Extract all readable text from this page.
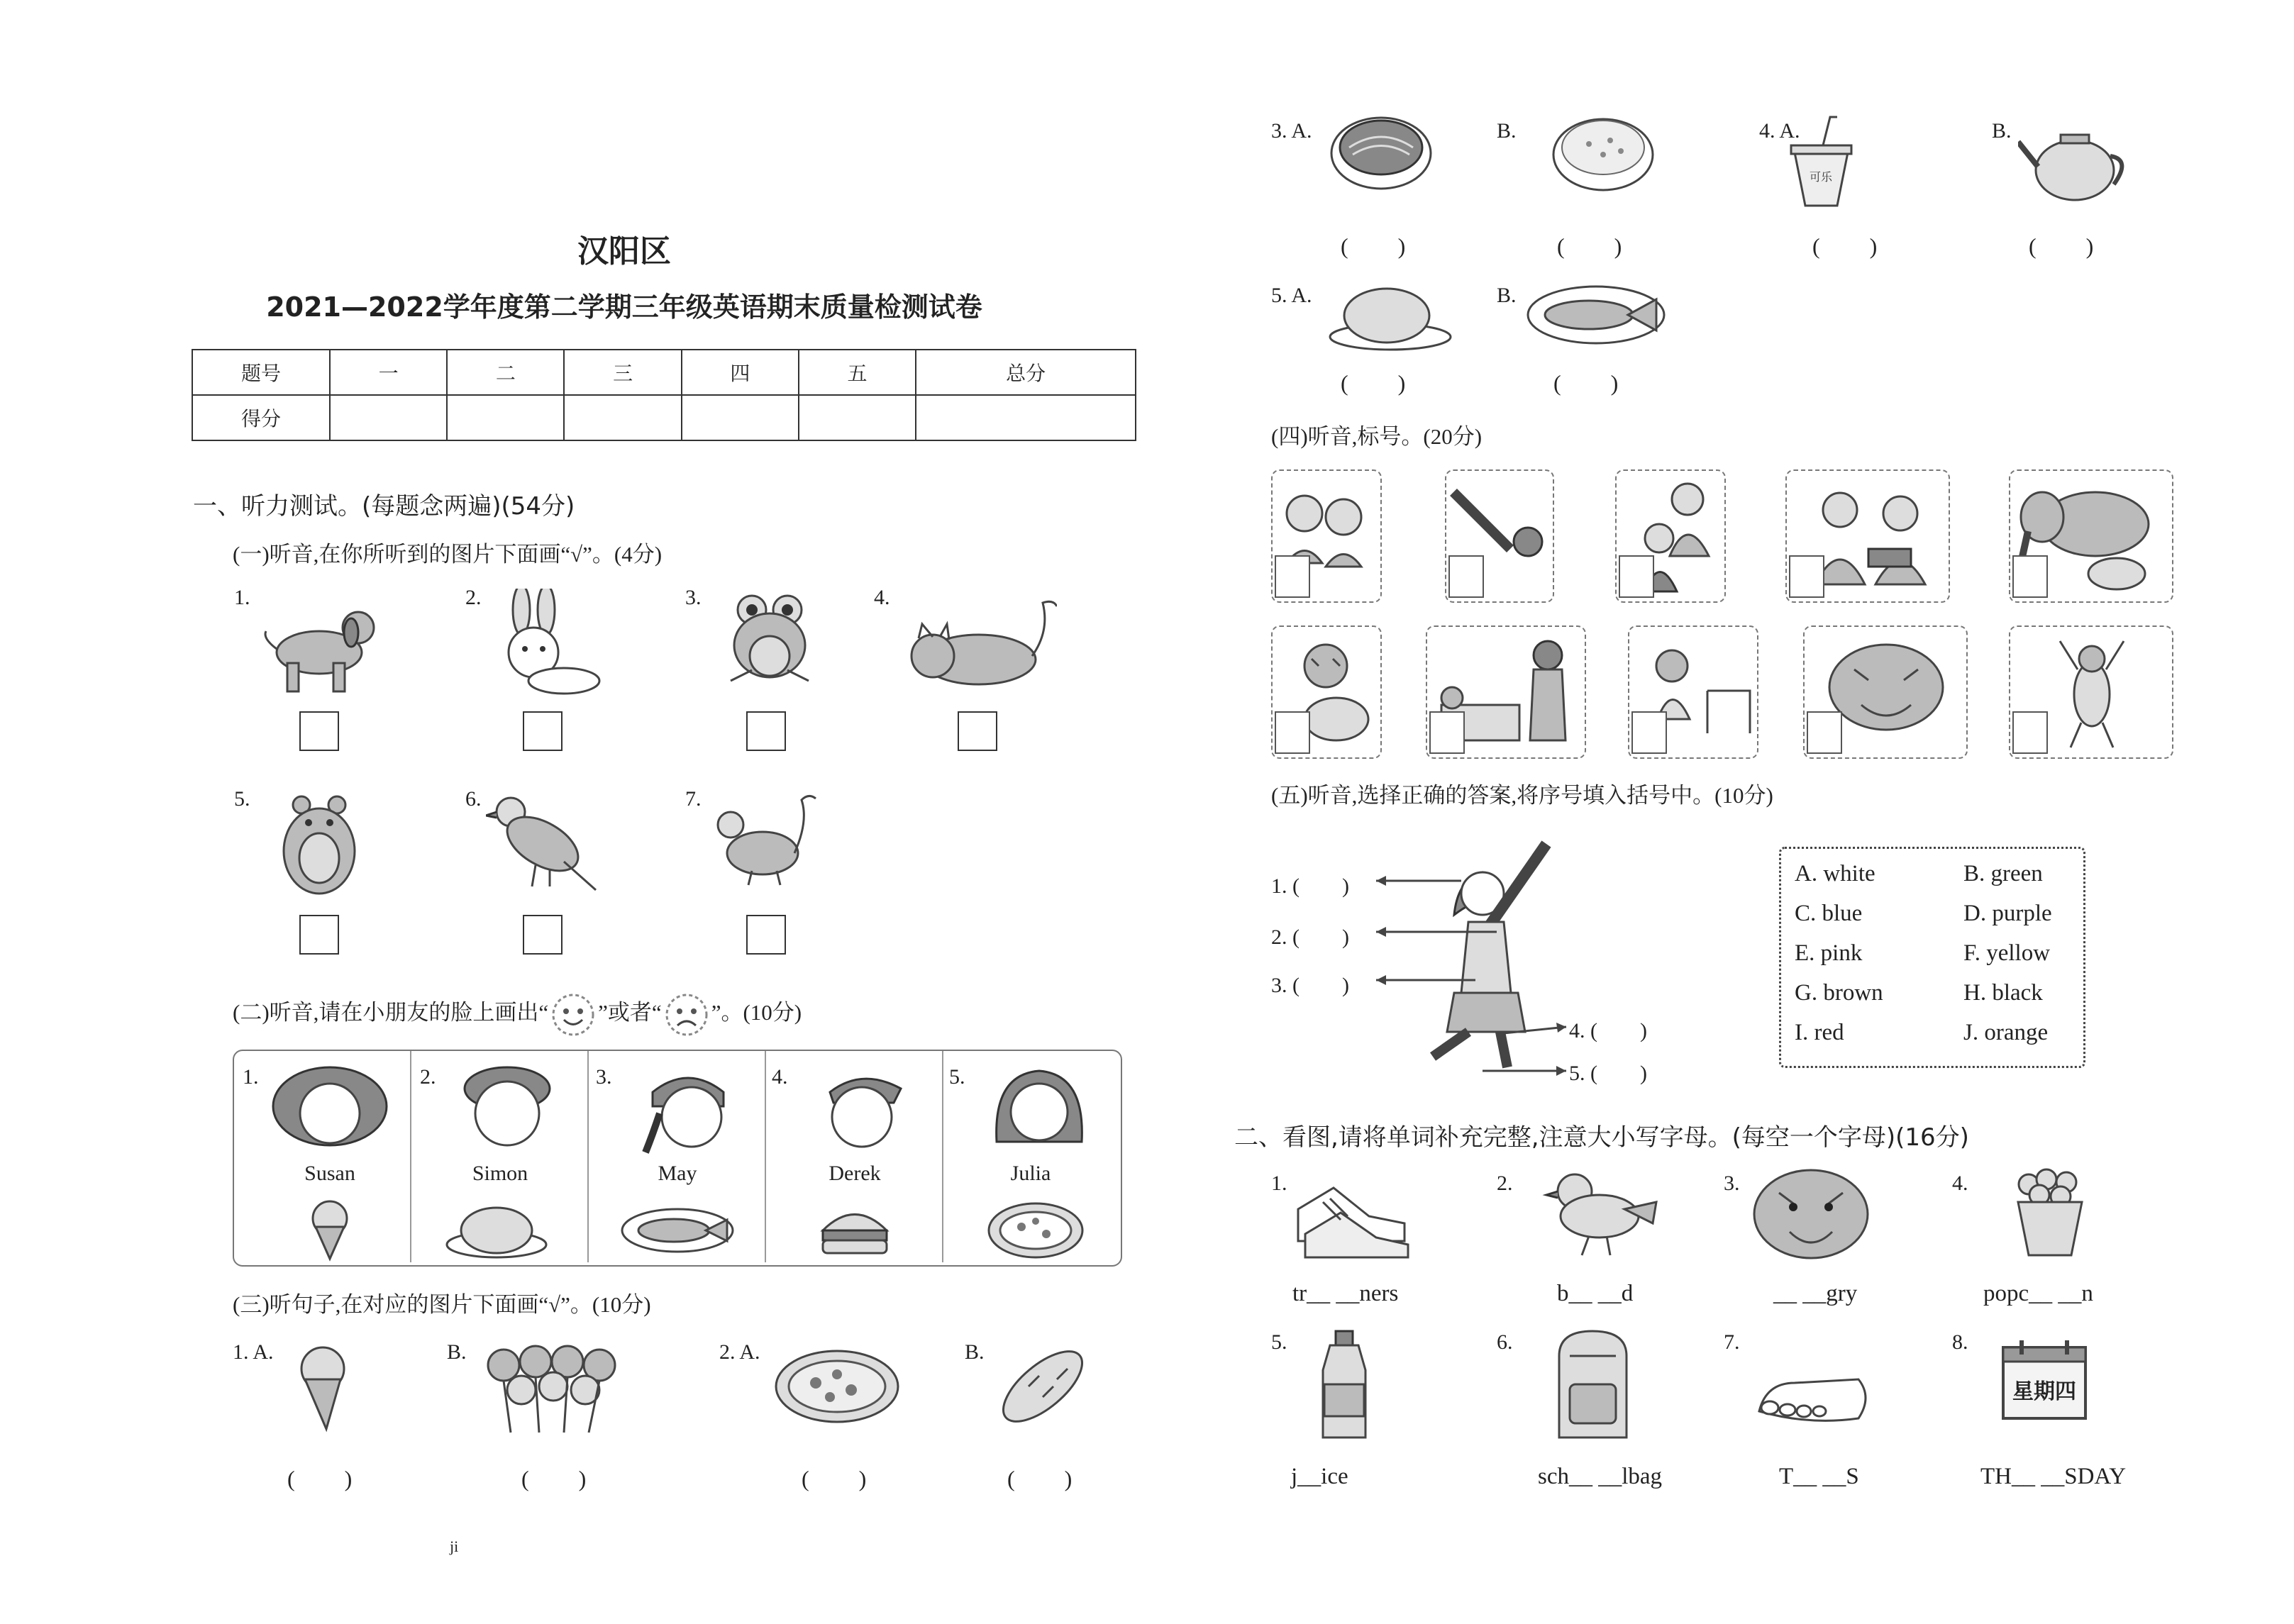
汉阳区
2021—2022学年度第二学期三年级英语期末质量检测试卷
题号	一	二	三	四	五	总分
得分						
一、听力测试。(每题念两遍)(54分)
(一)听音,在你所听到的图片下面画“√”。(4分)
1.	2.	3.	4.
5.	6.	7.
(二)听音,请在小朋友的脸上画出“ ”或者“ ”。(10分)
1.
Susan
2.
Simon
3.
May
4.
Derek
5.
Julia
(三)听句子,在对应的图片下面画“√”。(10分)
1. A.
(　　)
B.
(　　)
2. A.
(　　)
B.
(　　)
ji
3. A.
(　　)
B.
(　　)
4. A.
可乐
(　　)
B.
(　　)
5. A.
(　　)
B.
(　　)
(四)听音,标号。(20分)
(五)听音,选择正确的答案,将序号填入括号中。(10分)
1. (　　)
2. (　　)
3. (　　)
4. (　　)
5. (　　)
A. white	B. green
C. blue	D. purple
E. pink	F. yellow
G. brown	H. black
I. red	J. orange
二、看图,请将单词补充完整,注意大小写字母。(每空一个字母)(16分)
1.
tr__ __ners
2.
b__ __d
3.
__ __gry
4.
popc__ __n
5.
j__ice
6.
sch__ __lbag
7.
T__ __S
8.
星期四
TH__ __SDAY
